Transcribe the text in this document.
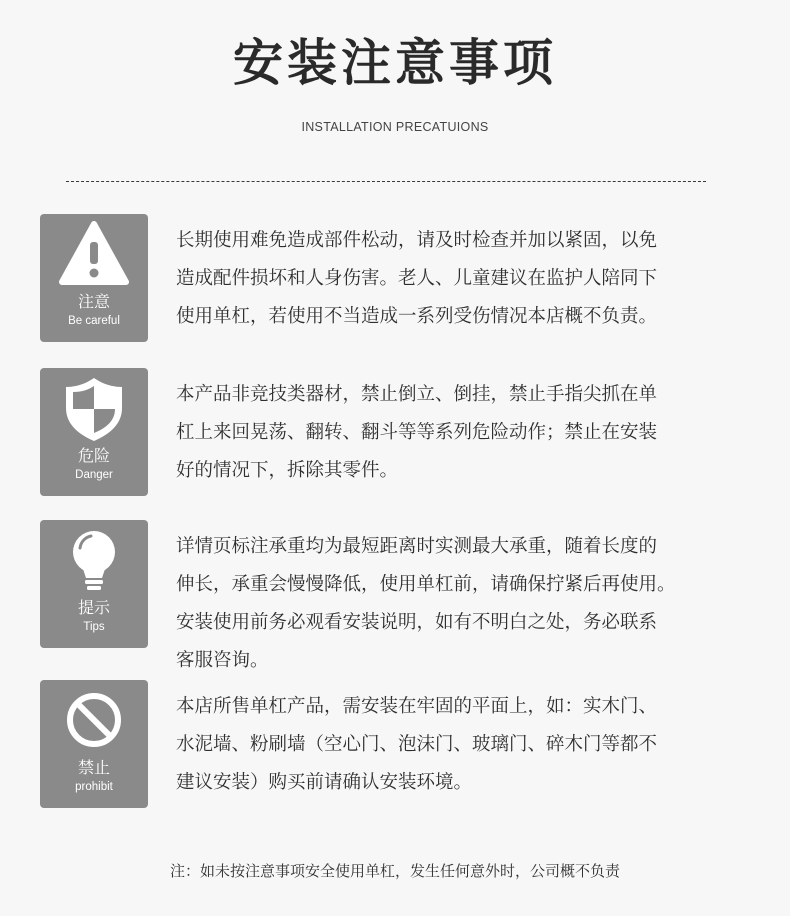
安装注意事项
INSTALLATION PRECATUIONS
注意
Be careful
长期使用难免造成部件松动，请及时检查并加以紧固，以免
造成配件损坏和人身伤害。老人、儿童建议在监护人陪同下
使用单杠，若使用不当造成一系列受伤情况本店概不负责。
危险
Danger
本产品非竞技类器材，禁止倒立、倒挂，禁止手指尖抓在单
杠上来回晃荡、翻转、翻斗等等系列危险动作；禁止在安装
好的情况下，拆除其零件。
提示
Tips
详情页标注承重均为最短距离时实测最大承重，随着长度的
伸长，承重会慢慢降低，使用单杠前，请确保拧紧后再使用。
安装使用前务必观看安装说明，如有不明白之处，务必联系
客服咨询。
禁止
prohibit
本店所售单杠产品，需安装在牢固的平面上，如：实木门、
水泥墙、粉刷墙（空心门、泡沫门、玻璃门、碎木门等都不
建议安装）购买前请确认安装环境。
注：如未按注意事项安全使用单杠，发生任何意外时，公司概不负责
